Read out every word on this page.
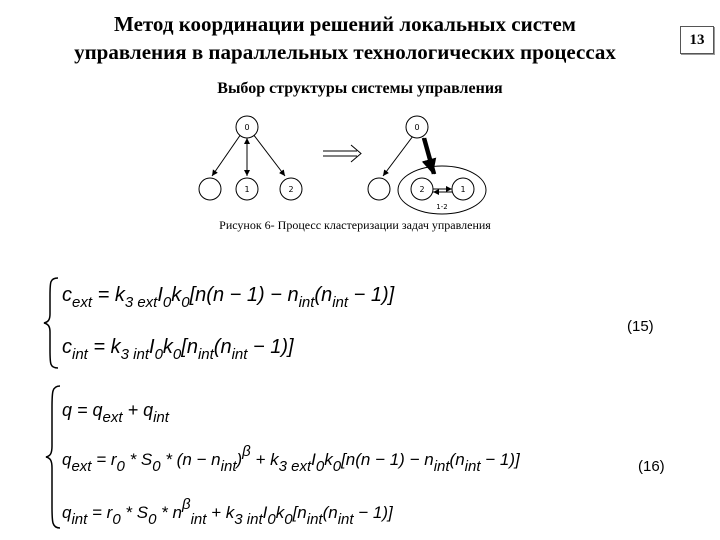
Метод координации решений локальных систем
управления в параллельных технологических процессах	13
Выбор структуры системы управления
0
1	2
0
2	1
1-2
Рисунок 6- Процесс кластеризации задач управления
$c_{ext} = k_{3 ext}I_0k_0[n(n - 1) - n_{int}(n_{int} - 1)]$
$c_{int} = k_{3 int}I_0k_0[n_{int}(n_{int} - 1)]$
(15)
$q = q_{ext} + q_{int}$
$q_{ext} = r_0 * S_0 * (n - n_{int})^\beta + k_{3 ext}I_0k_0[n(n - 1) - n_{int}(n_{int} - 1)]$
$q_{int} = r_0 * S_0 * n^\beta_{int} + k_{3 int}I_0k_0[n_{int}(n_{int} - 1)]$
(16)
